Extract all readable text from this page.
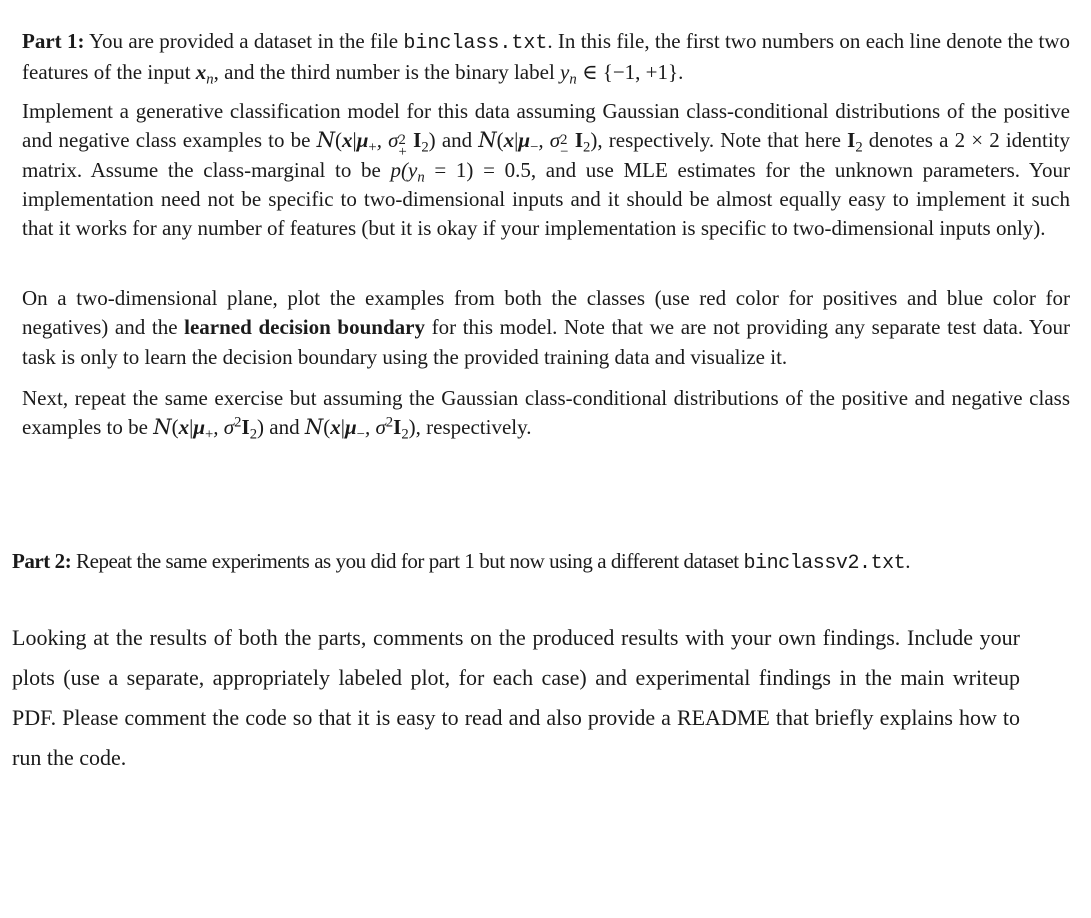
Part 1: You are provided a dataset in the file binclass.txt. In this file, the first two numbers on each line denote the two features of the input $x_n$, and the third number is the binary label $y_n$ ∈ {−1, +1}.

Implement a generative classification model for this data assuming Gaussian class-conditional distributions of the positive and negative class examples to be $N(x|\mu_+$, σ 2
+
$I_2$) and $N(x|\mu_-$, σ 2
−
$I_2$), respectively. Note that here $I_2$ denotes a 2 × 2 identity matrix. Assume the class-marginal to be $p(y_n = 1) = 0.5$, and use MLE estimates for the unknown parameters. Your implementation need not be specific to two-dimensional inputs and it should be almost equally easy to implement it such that it works for any number of features (but it is okay if your implementation is specific to two-dimensional inputs only).

On a two-dimensional plane, plot the examples from both the classes (use red color for positives and blue color for negatives) and the learned decision boundary for this model. Note that we are not providing any separate test data. Your task is only to learn the decision boundary using the provided training data and visualize it.

Next, repeat the same exercise but assuming the Gaussian class-conditional distributions of the positive and negative class examples to be $N(x|\mu_+$, $\sigma^2I_2$) and $N(x|\mu_-$, $\sigma^2I_2$), respectively.

Part 2: Repeat the same experiments as you did for part 1 but now using a different dataset binclassv2.txt.

Looking at the results of both the parts, comments on the produced results with your own findings. Include your plots (use a separate, appropriately labeled plot, for each case) and experimental findings in the main writeup PDF. Please comment the code so that it is easy to read and also provide a README that briefly explains how to run the code.
